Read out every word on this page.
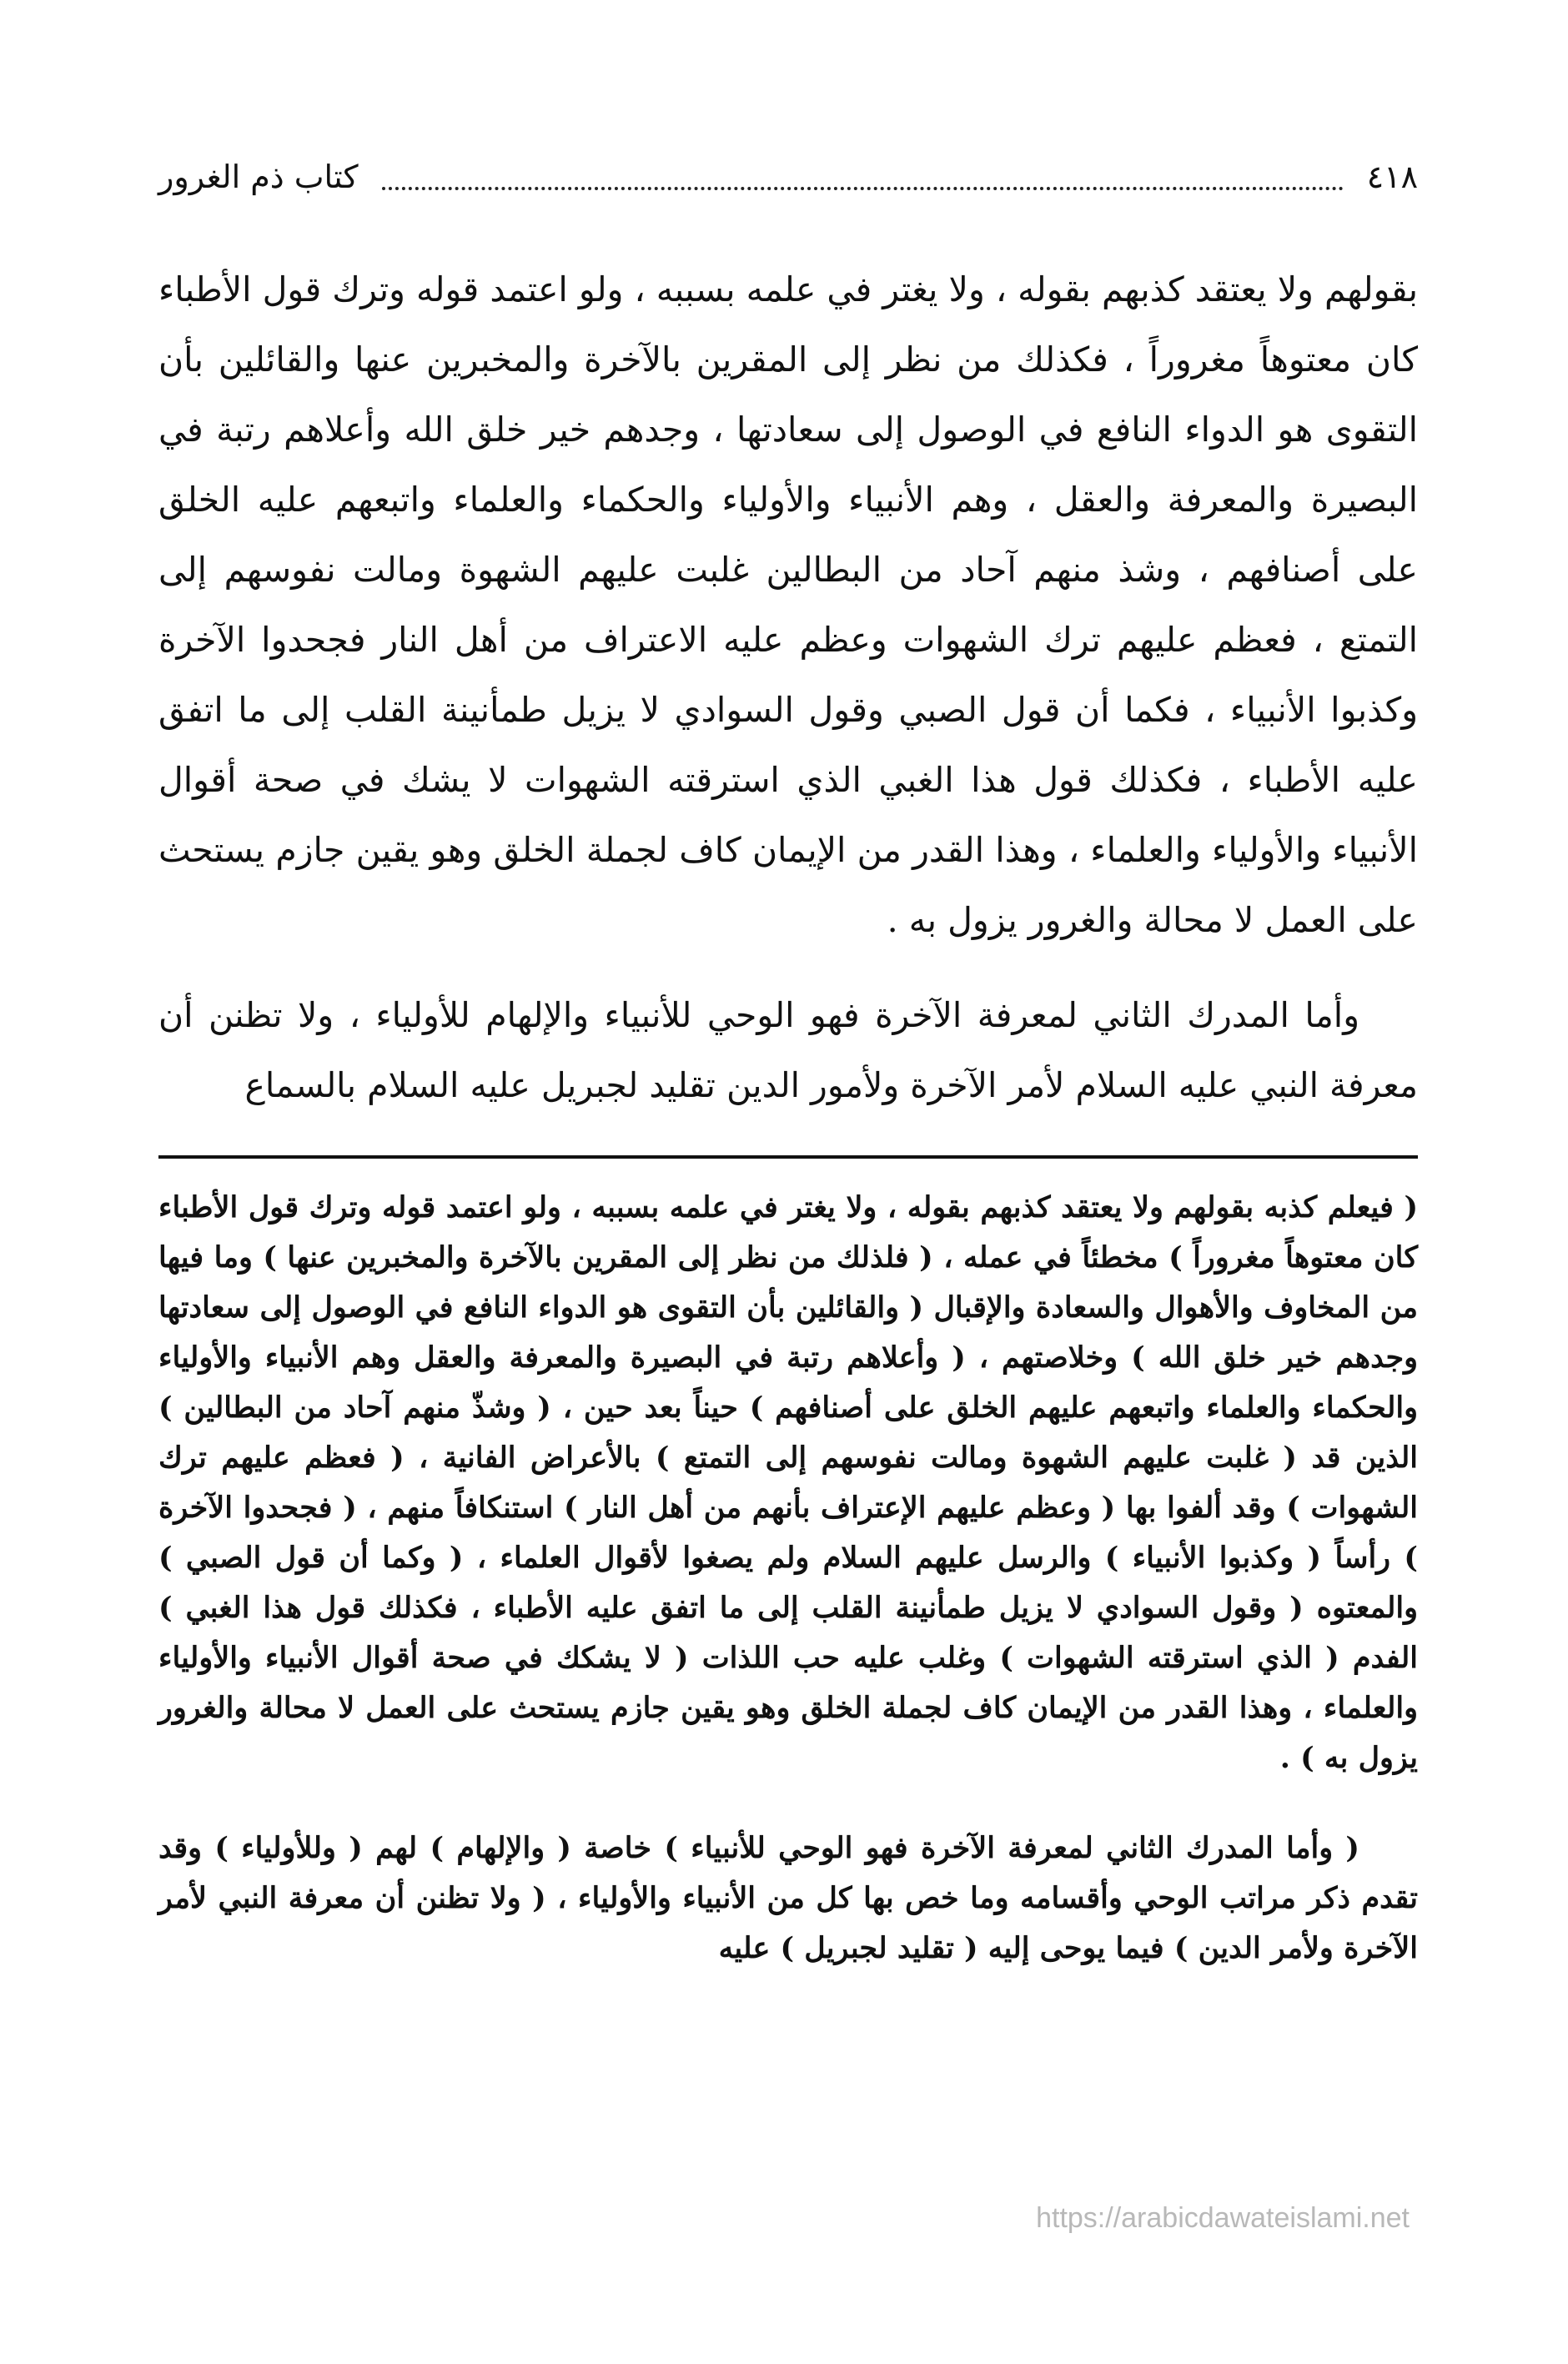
٤١٨
كتاب ذم الغرور

بقولهم ولا يعتقد كذبهم بقوله ، ولا يغتر في علمه بسببه ، ولو اعتمد قوله وترك قول الأطباء كان معتوهاً مغروراً ، فكذلك من نظر إلى المقرين بالآخرة والمخبرين عنها والقائلين بأن التقوى هو الدواء النافع في الوصول إلى سعادتها ، وجدهم خير خلق الله وأعلاهم رتبة في البصيرة والمعرفة والعقل ، وهم الأنبياء والأولياء والحكماء والعلماء واتبعهم عليه الخلق على أصنافهم ، وشذ منهم آحاد من البطالين غلبت عليهم الشهوة ومالت نفوسهم إلى التمتع ، فعظم عليهم ترك الشهوات وعظم عليه الاعتراف من أهل النار فجحدوا الآخرة وكذبوا الأنبياء ، فكما أن قول الصبي وقول السوادي لا يزيل طمأنينة القلب إلى ما اتفق عليه الأطباء ، فكذلك قول هذا الغبي الذي استرقته الشهوات لا يشك في صحة أقوال الأنبياء والأولياء والعلماء ، وهذا القدر من الإيمان كاف لجملة الخلق وهو يقين جازم يستحث على العمل لا محالة والغرور يزول به .

وأما المدرك الثاني لمعرفة الآخرة فهو الوحي للأنبياء والإلهام للأولياء ، ولا تظنن أن معرفة النبي عليه السلام لأمر الآخرة ولأمور الدين تقليد لجبريل عليه السلام بالسماع

( فيعلم كذبه بقولهم ولا يعتقد كذبهم بقوله ، ولا يغتر في علمه بسببه ، ولو اعتمد قوله وترك قول الأطباء كان معتوهاً مغروراً ) مخطئاً في عمله ، ( فلذلك من نظر إلى المقرين بالآخرة والمخبرين عنها ) وما فيها من المخاوف والأهوال والسعادة والإقبال ( والقائلين بأن التقوى هو الدواء النافع في الوصول إلى سعادتها وجدهم خير خلق الله ) وخلاصتهم ، ( وأعلاهم رتبة في البصيرة والمعرفة والعقل وهم الأنبياء والأولياء والحكماء والعلماء واتبعهم عليهم الخلق على أصنافهم ) حيناً بعد حين ، ( وشذّ منهم آحاد من البطالين ) الذين قد ( غلبت عليهم الشهوة ومالت نفوسهم إلى التمتع ) بالأعراض الفانية ، ( فعظم عليهم ترك الشهوات ) وقد ألفوا بها ( وعظم عليهم الإعتراف بأنهم من أهل النار ) استنكافاً منهم ، ( فجحدوا الآخرة ) رأساً ( وكذبوا الأنبياء ) والرسل عليهم السلام ولم يصغوا لأقوال العلماء ، ( وكما أن قول الصبي ) والمعتوه ( وقول السوادي لا يزيل طمأنينة القلب إلى ما اتفق عليه الأطباء ، فكذلك قول هذا الغبي ) الفدم ( الذي استرقته الشهوات ) وغلب عليه حب اللذات ( لا يشكك في صحة أقوال الأنبياء والأولياء والعلماء ، وهذا القدر من الإيمان كاف لجملة الخلق وهو يقين جازم يستحث على العمل لا محالة والغرور يزول به ) .

( وأما المدرك الثاني لمعرفة الآخرة فهو الوحي للأنبياء ) خاصة ( والإلهام ) لهم ( وللأولياء ) وقد تقدم ذكر مراتب الوحي وأقسامه وما خص بها كل من الأنبياء والأولياء ، ( ولا تظنن أن معرفة النبي لأمر الآخرة ولأمر الدين ) فيما يوحى إليه ( تقليد لجبريل ) عليه

https://arabicdawateislami.net
